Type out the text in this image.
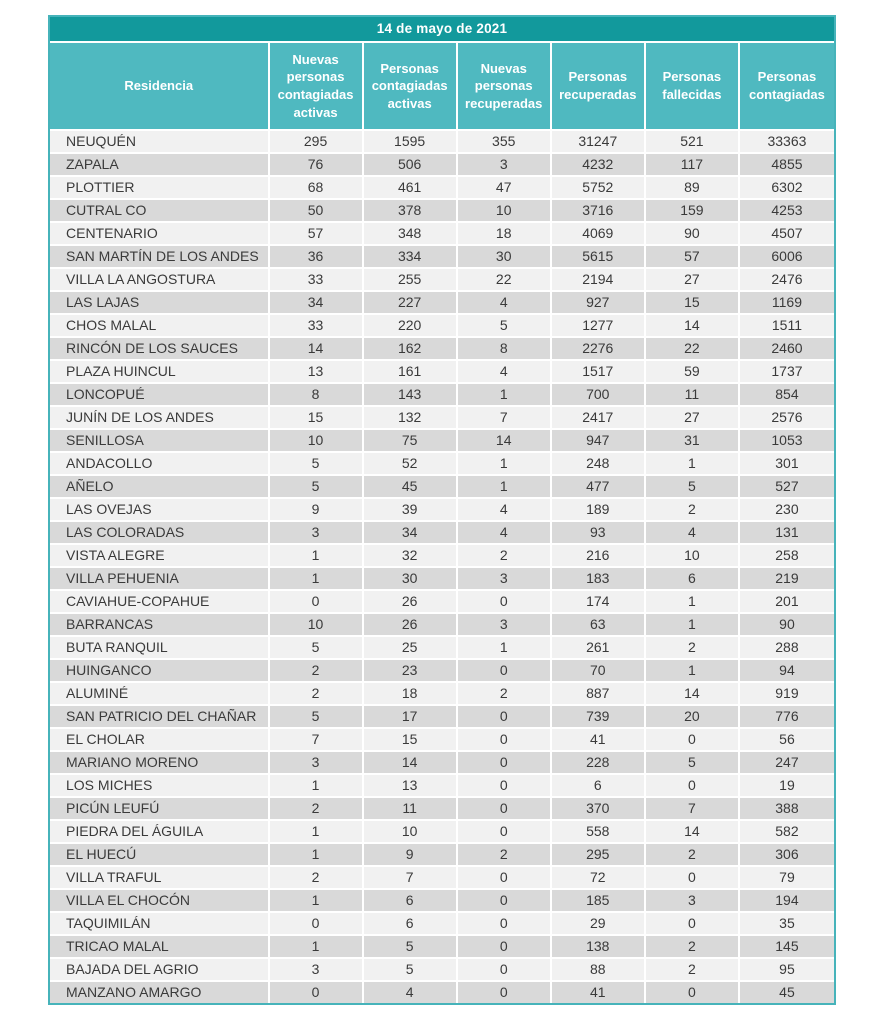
14 de mayo de 2021
Residencia	Nuevas personas contagiadas activas	Personas contagiadas activas	Nuevas personas recuperadas	Personas recuperadas	Personas fallecidas	Personas contagiadas
NEUQUÉN	295	1595	355	31247	521	33363
ZAPALA	76	506	3	4232	117	4855
PLOTTIER	68	461	47	5752	89	6302
CUTRAL CO	50	378	10	3716	159	4253
CENTENARIO	57	348	18	4069	90	4507
SAN MARTÍN DE LOS ANDES	36	334	30	5615	57	6006
VILLA LA ANGOSTURA	33	255	22	2194	27	2476
LAS LAJAS	34	227	4	927	15	1169
CHOS MALAL	33	220	5	1277	14	1511
RINCÓN DE LOS SAUCES	14	162	8	2276	22	2460
PLAZA HUINCUL	13	161	4	1517	59	1737
LONCOPUÉ	8	143	1	700	11	854
JUNÍN DE LOS ANDES	15	132	7	2417	27	2576
SENILLOSA	10	75	14	947	31	1053
ANDACOLLO	5	52	1	248	1	301
AÑELO	5	45	1	477	5	527
LAS OVEJAS	9	39	4	189	2	230
LAS COLORADAS	3	34	4	93	4	131
VISTA ALEGRE	1	32	2	216	10	258
VILLA PEHUENIA	1	30	3	183	6	219
CAVIAHUE-COPAHUE	0	26	0	174	1	201
BARRANCAS	10	26	3	63	1	90
BUTA RANQUIL	5	25	1	261	2	288
HUINGANCO	2	23	0	70	1	94
ALUMINÉ	2	18	2	887	14	919
SAN PATRICIO DEL CHAÑAR	5	17	0	739	20	776
EL CHOLAR	7	15	0	41	0	56
MARIANO MORENO	3	14	0	228	5	247
LOS MICHES	1	13	0	6	0	19
PICÚN LEUFÚ	2	11	0	370	7	388
PIEDRA DEL ÁGUILA	1	10	0	558	14	582
EL HUECÚ	1	9	2	295	2	306
VILLA TRAFUL	2	7	0	72	0	79
VILLA EL CHOCÓN	1	6	0	185	3	194
TAQUIMILÁN	0	6	0	29	0	35
TRICAO MALAL	1	5	0	138	2	145
BAJADA DEL AGRIO	3	5	0	88	2	95
MANZANO AMARGO	0	4	0	41	0	45
